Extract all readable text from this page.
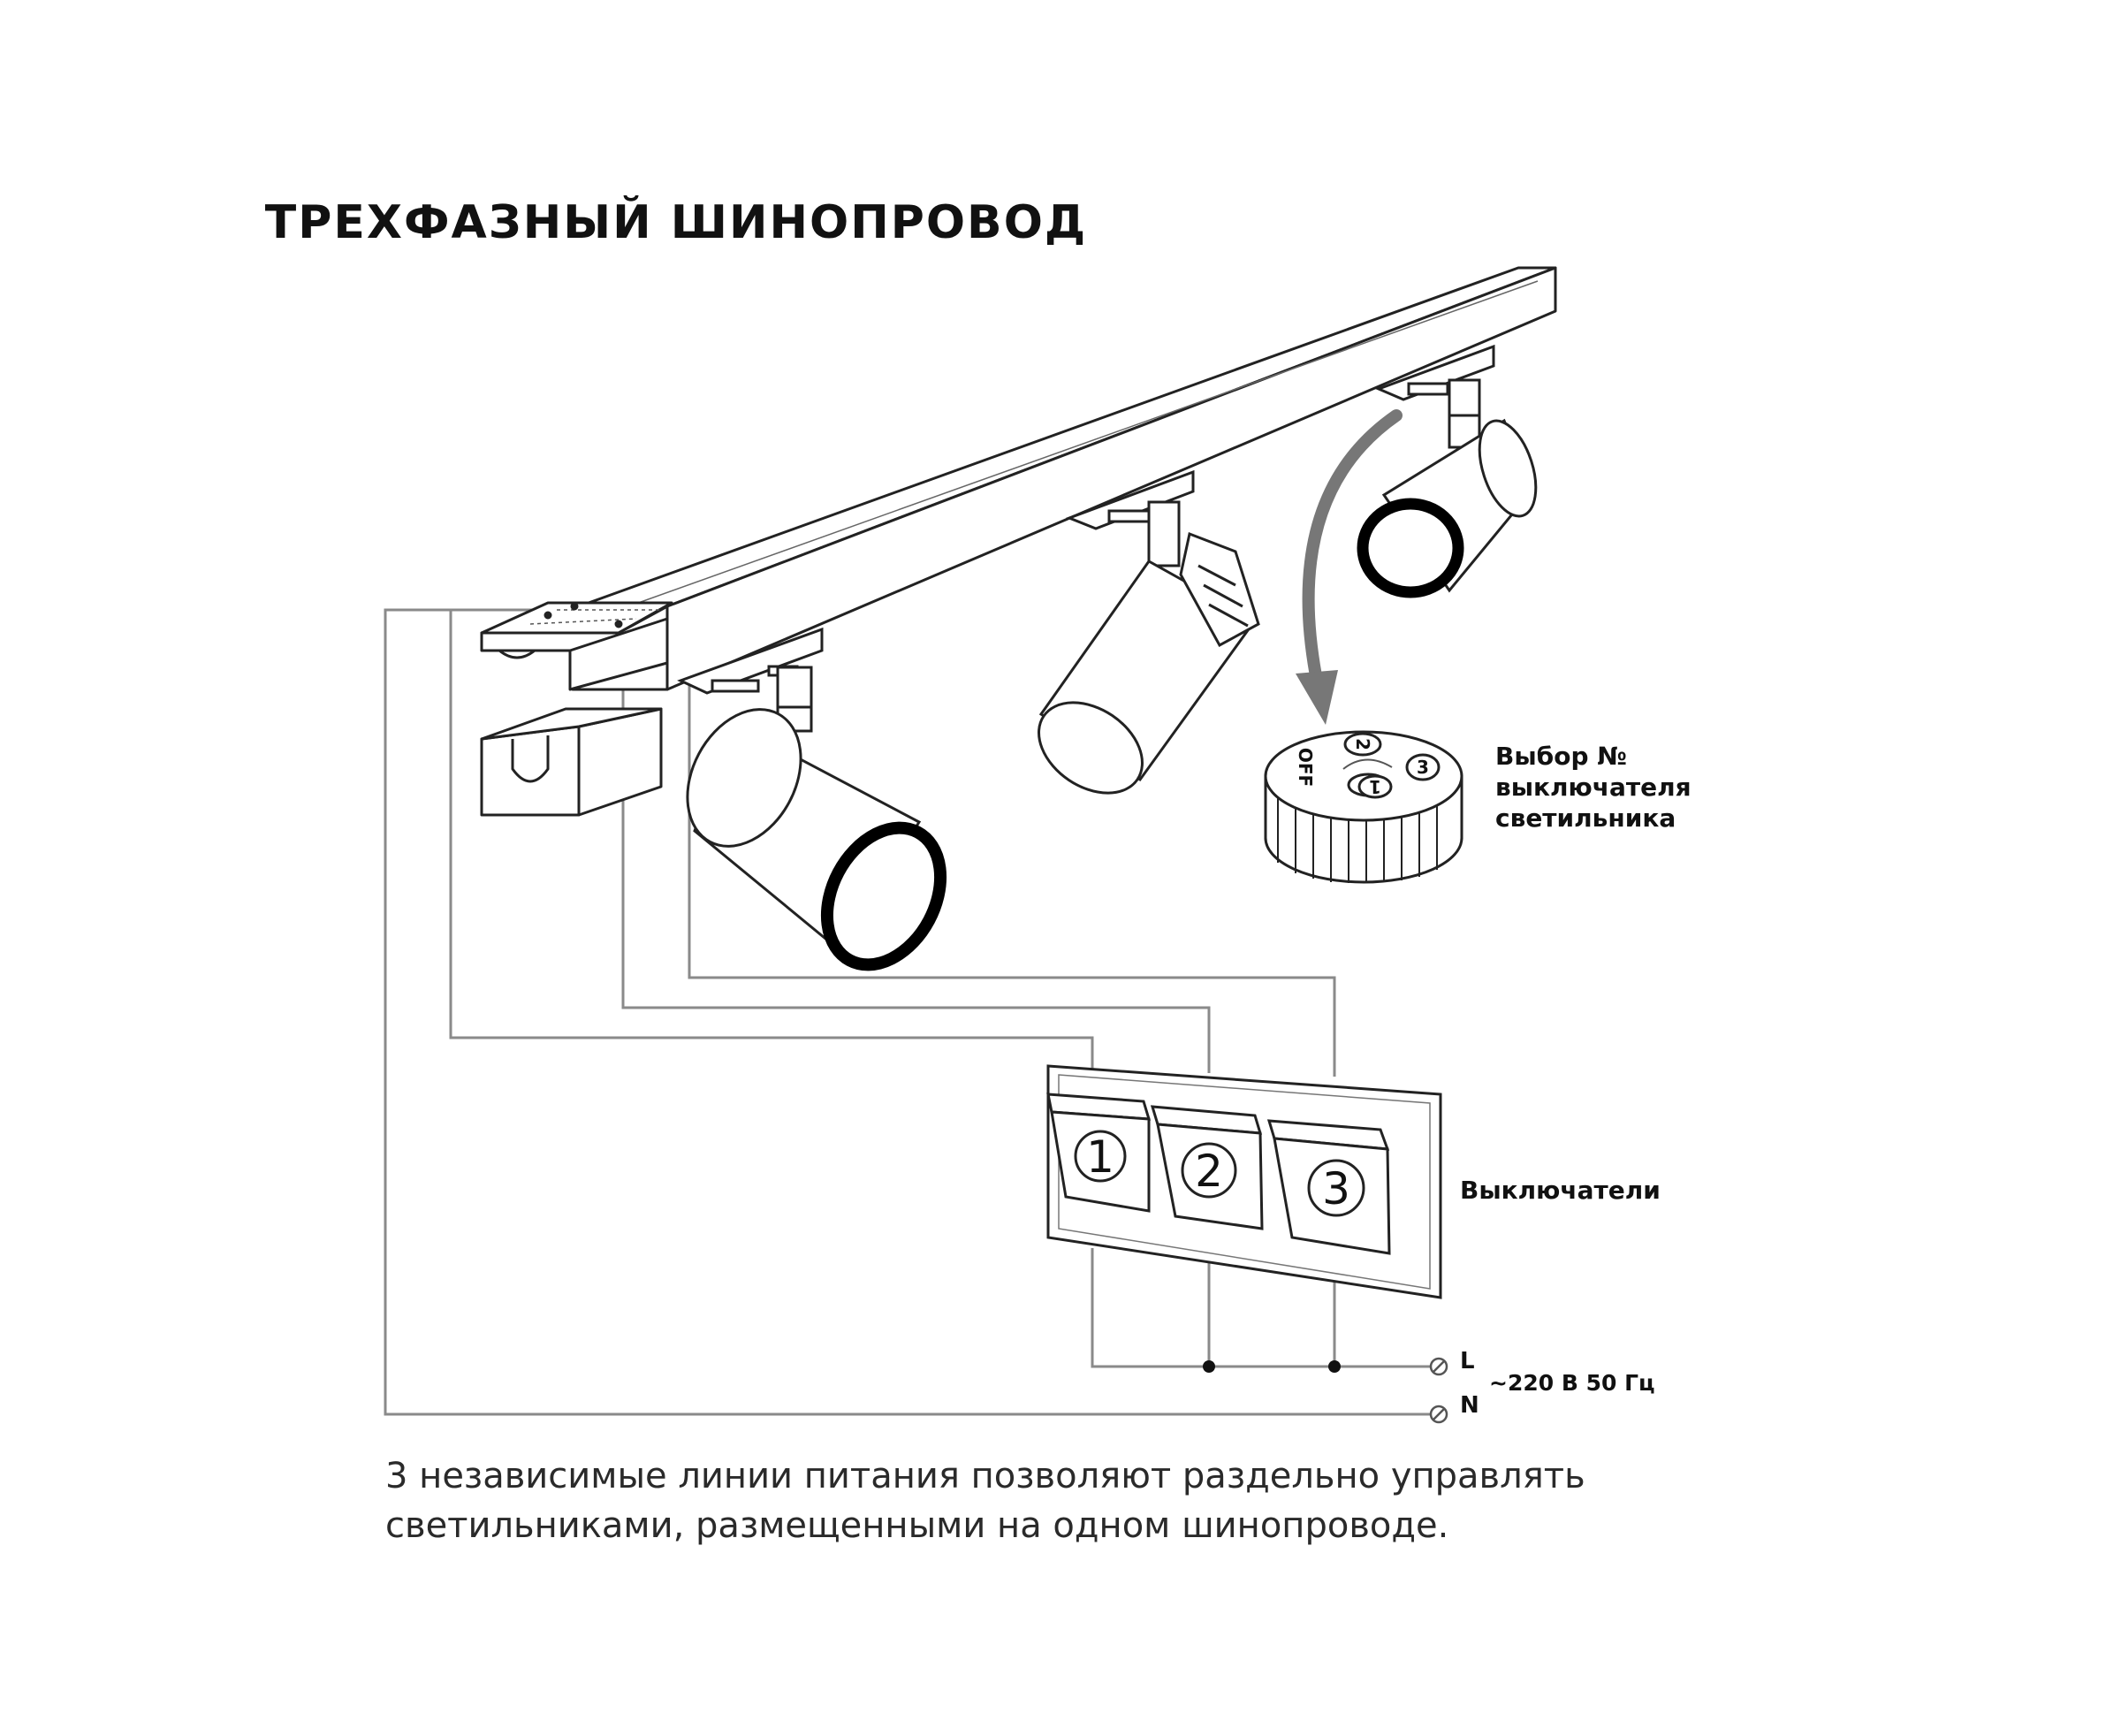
2
3
1
OFF
1 2 3
ТРЕХФАЗНЫЙ ШИНОПРОВОД
Выбор №
выключателя
светильника
Выключатели
L
N
~220 В 50 Гц
3 независимые линии питания позволяют раздельно управлять
светильниками, размещенными на одном шинопроводе.
